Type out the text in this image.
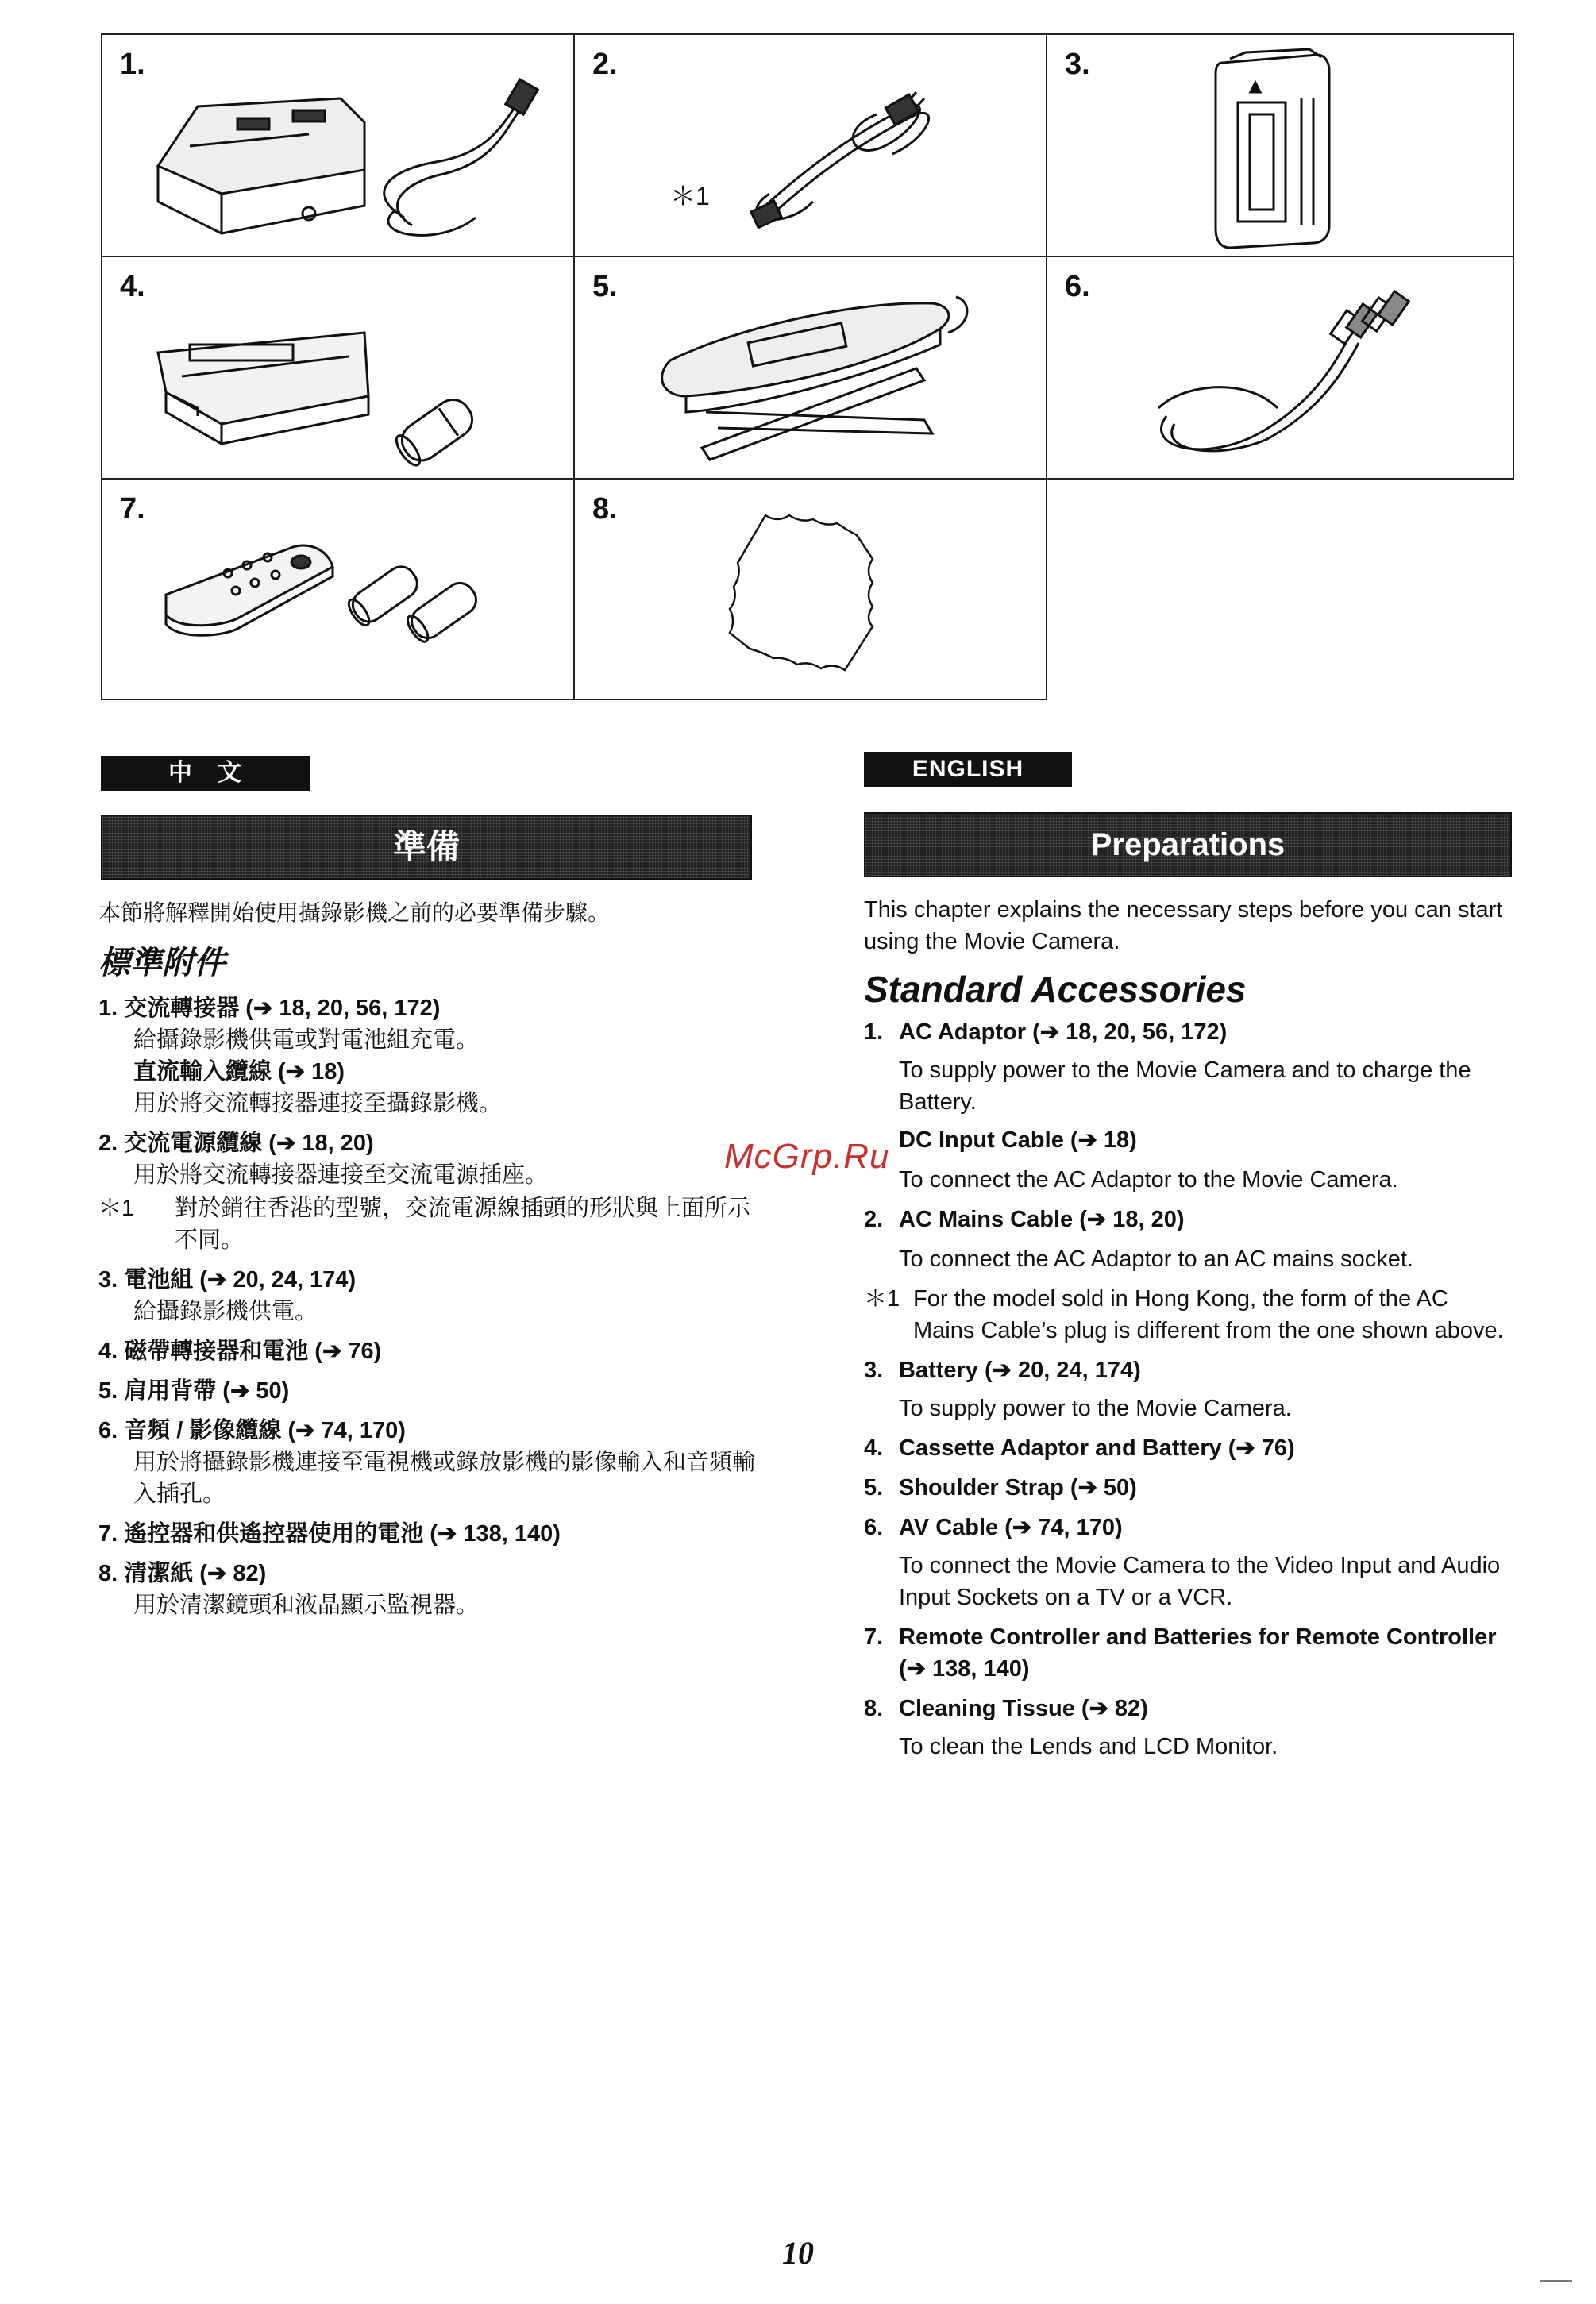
1.	2.
＊1
3.
4.	5.	6.
7.	8.
中　文
準備

本節將解釋開始使用攝錄影機之前的必要準備步驟。

標準附件

1. 交流轉接器 (➔ 18, 20, 56, 172)

給攝錄影機供電或對電池組充電。

直流輸入纜線 (➔ 18)

用於將交流轉接器連接至攝錄影機。

2. 交流電源纜線 (➔ 18, 20)

用於將交流轉接器連接至交流電源插座。

＊1	對於銷往香港的型號，交流電源線插頭的形狀與上面所示不同。

3. 電池組 (➔ 20, 24, 174)

給攝錄影機供電。

4. 磁帶轉接器和電池 (➔ 76)

5. 肩用背帶 (➔ 50)

6. 音頻 / 影像纜線 (➔ 74, 170)

用於將攝錄影機連接至電視機或錄放影機的影像輸入和音頻輸入插孔。

7. 遙控器和供遙控器使用的電池 (➔ 138, 140)

8. 清潔紙 (➔ 82)

用於清潔鏡頭和液晶顯示監視器。

ENGLISH
Preparations

This chapter explains the necessary steps before you can start using the Movie Camera.

Standard Accessories

1. AC Adaptor (➔ 18, 20, 56, 172)

To supply power to the Movie Camera and to charge the Battery.

DC Input Cable (➔ 18)

To connect the AC Adaptor to the Movie Camera.

2. AC Mains Cable (➔ 18, 20)

To connect the AC Adaptor to an AC mains socket.

＊1 For the model sold in Hong Kong, the form of the AC Mains Cable’s plug is different from the one shown above.

3. Battery (➔ 20, 24, 174)

To supply power to the Movie Camera.

4. Cassette Adaptor and Battery (➔ 76)

5. Shoulder Strap (➔ 50)

6. AV Cable (➔ 74, 170)

To connect the Movie Camera to the Video Input and Audio Input Sockets on a TV or a VCR.

7. Remote Controller and Batteries for Remote Controller (➔ 138, 140)

8. Cleaning Tissue (➔ 82)

To clean the Lends and LCD Monitor.

McGrp.Ru
10
